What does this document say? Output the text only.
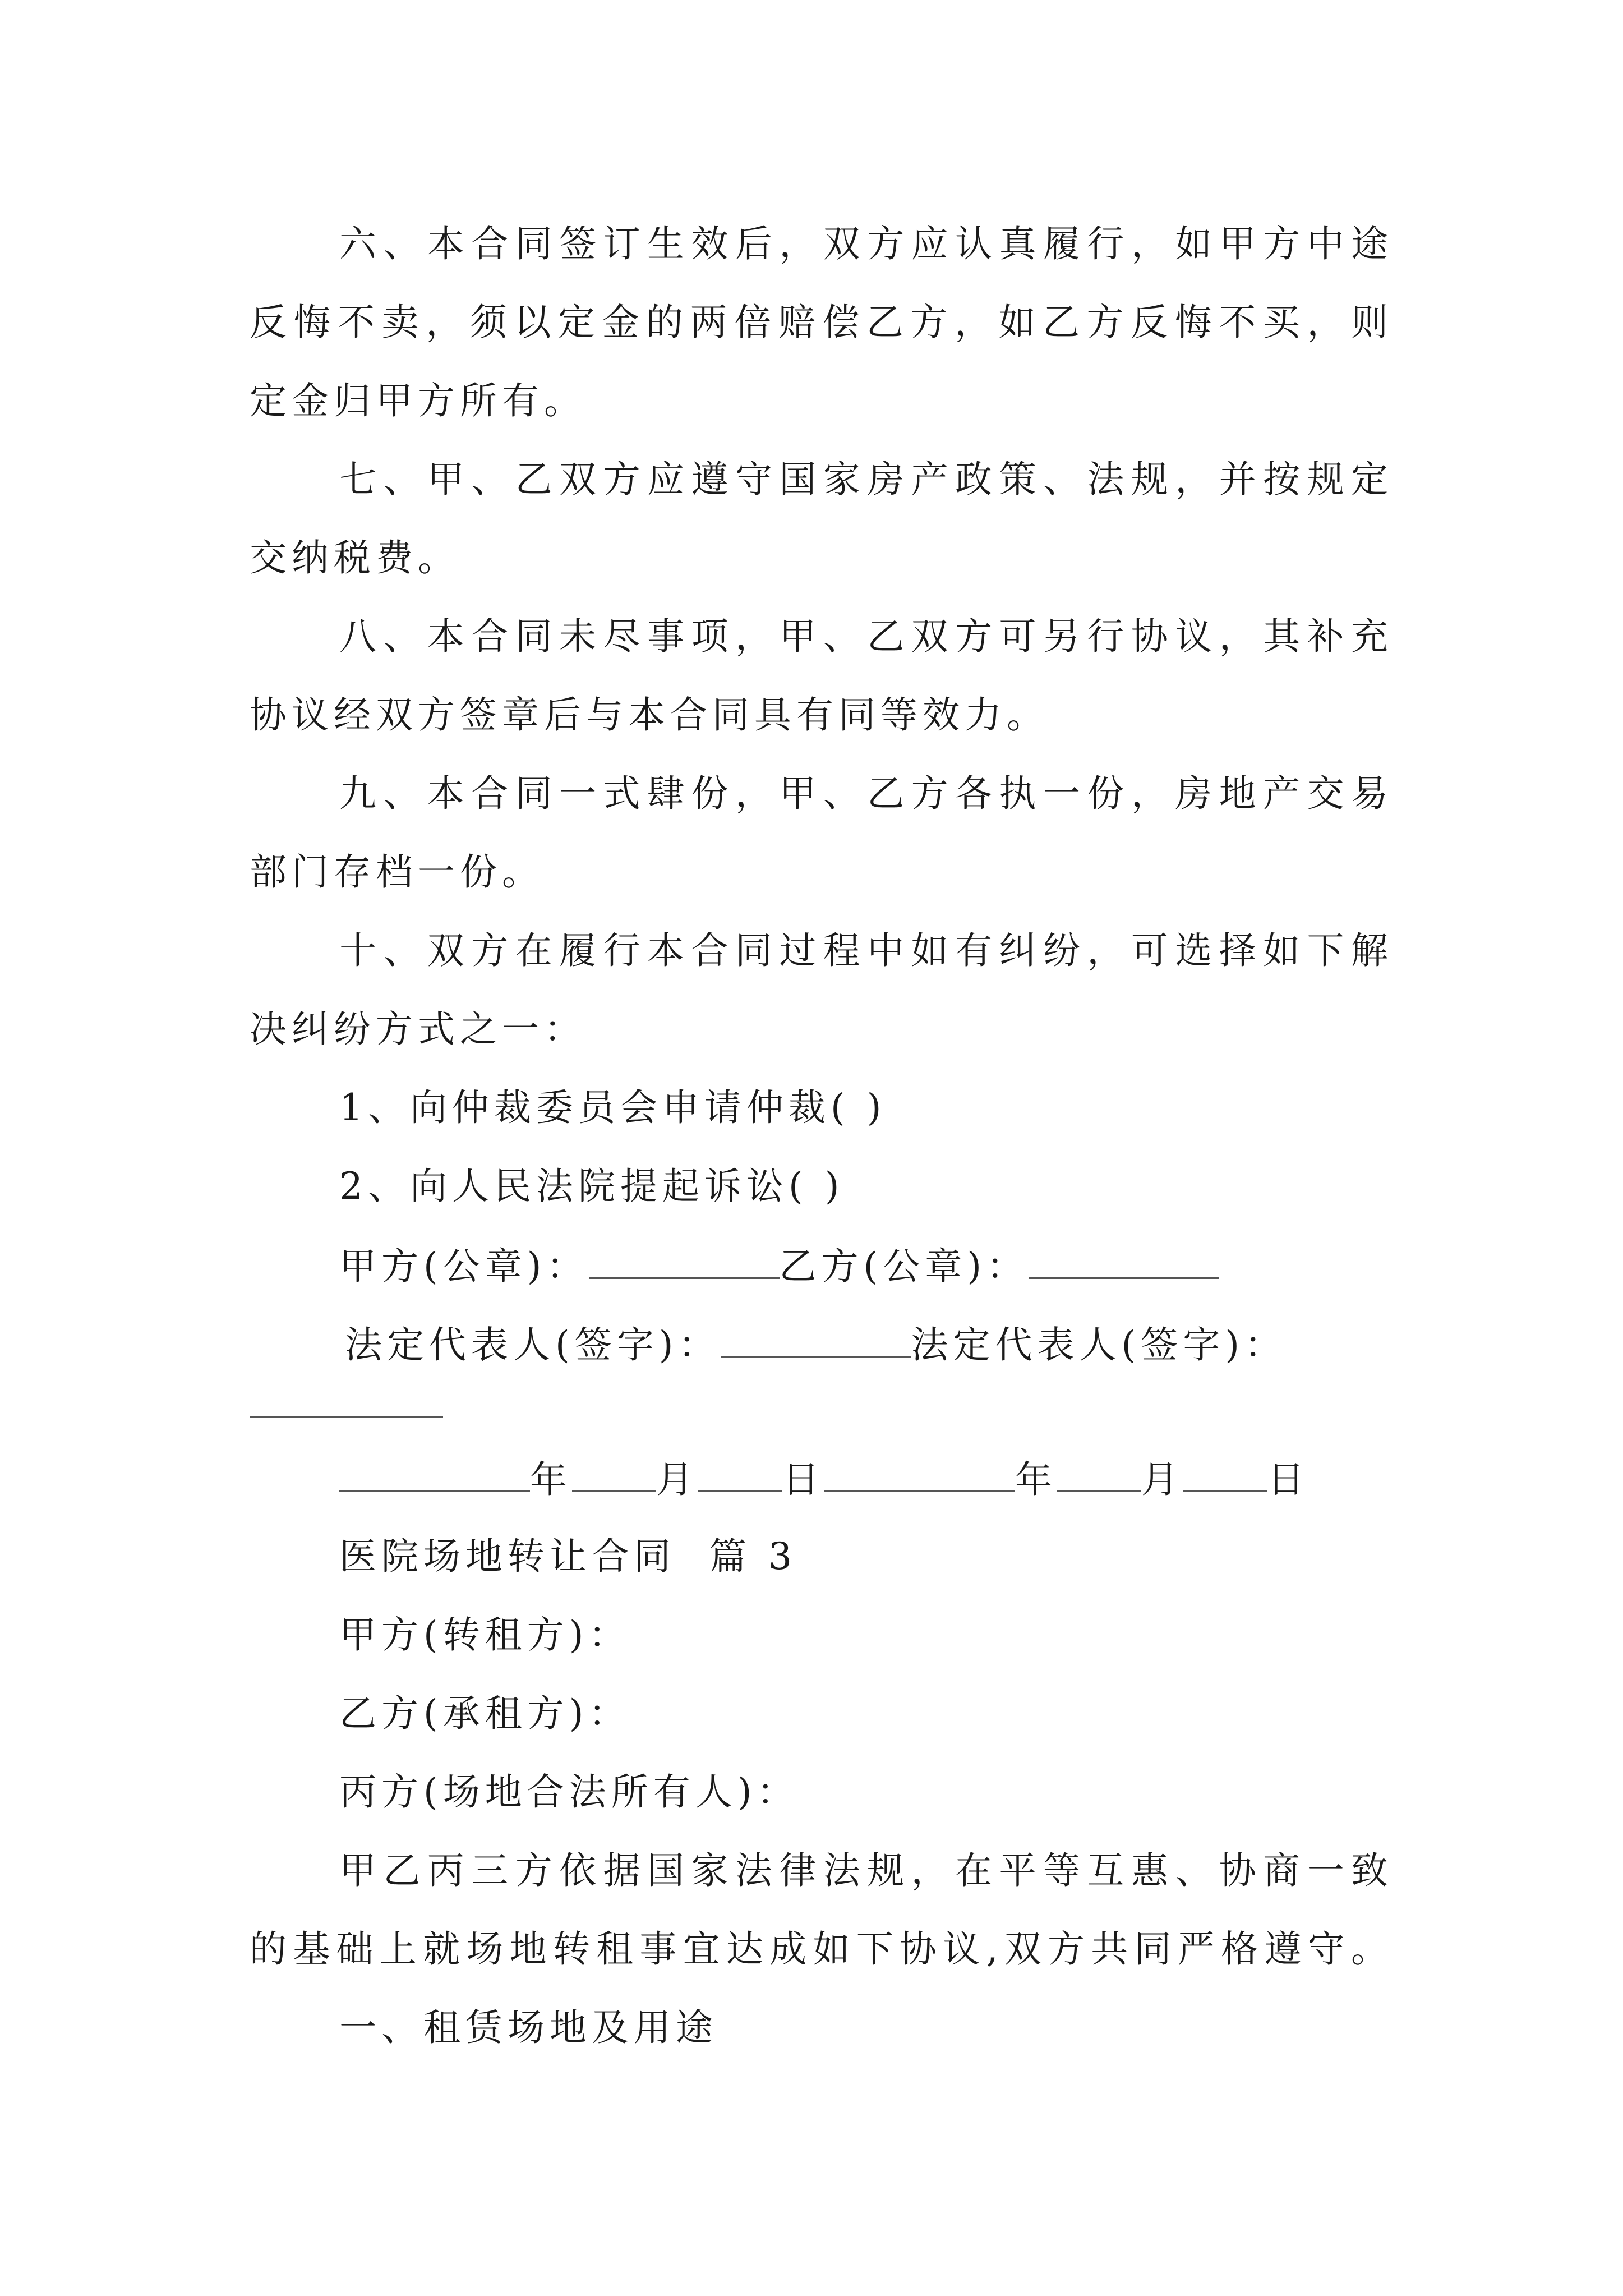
六、本合同签订生效后，双方应认真履行，如甲方中途
反悔不卖，须以定金的两倍赔偿乙方，如乙方反悔不买，则
定金归甲方所有。
七、甲、乙双方应遵守国家房产政策、法规，并按规定
交纳税费。
八、本合同未尽事项，甲、乙双方可另行协议，其补充
协议经双方签章后与本合同具有同等效力。
九、本合同一式肆份，甲、乙方各执一份，房地产交易
部门存档一份。
十、双方在履行本合同过程中如有纠纷，可选择如下解
决纠纷方式之一：
1、向仲裁委员会申请仲裁( )
2、向人民法院提起诉讼( )
甲方(公章)：	乙方(公章)：
法定代表人(签字)：	法定代表人(签字)：
年 月 日	年 月 日
医院场地转让合同  篇 3
甲方(转租方)：
乙方(承租方)：
丙方(场地合法所有人)：
甲乙丙三方依据国家法律法规，在平等互惠、协商一致
的基础上就场地转租事宜达成如下协议,双方共同严格遵守。
一、租赁场地及用途
